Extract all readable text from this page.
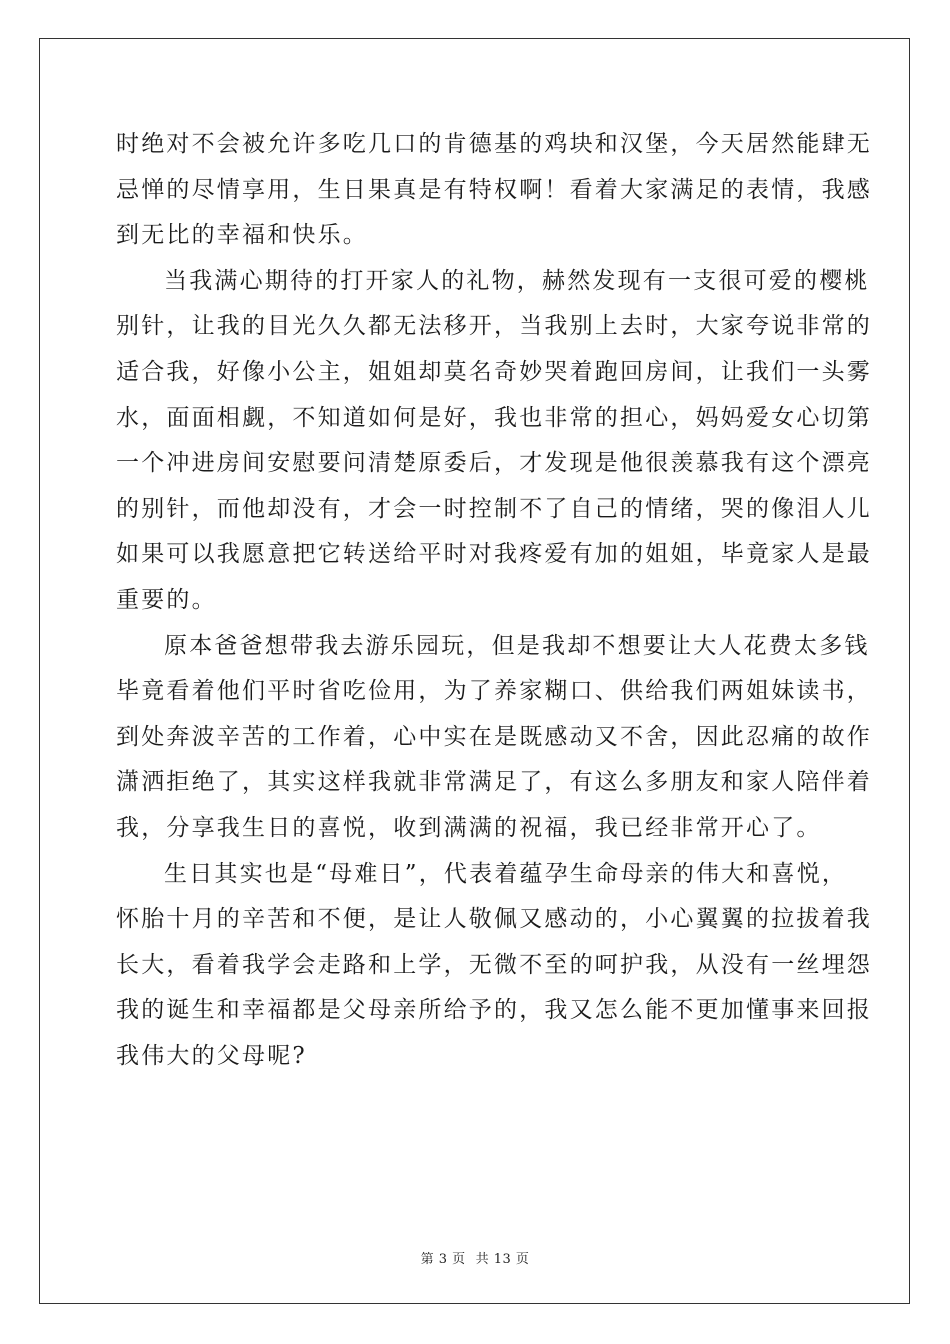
时绝对不会被允许多吃几口的肯德基的鸡块和汉堡，今天居然能肆无
忌惮的尽情享用，生日果真是有特权啊！看着大家满足的表情，我感
到无比的幸福和快乐。

当我满心期待的打开家人的礼物，赫然发现有一支很可爱的樱桃
别针，让我的目光久久都无法移开，当我别上去时，大家夸说非常的
适合我，好像小公主，姐姐却莫名奇妙哭着跑回房间，让我们一头雾
水，面面相觑，不知道如何是好，我也非常的担心，妈妈爱女心切第
一个冲进房间安慰要问清楚原委后，才发现是他很羡慕我有这个漂亮
的别针，而他却没有，才会一时控制不了自己的情绪，哭的像泪人儿
如果可以我愿意把它转送给平时对我疼爱有加的姐姐，毕竟家人是最
重要的。

原本爸爸想带我去游乐园玩，但是我却不想要让大人花费太多钱
毕竟看着他们平时省吃俭用，为了养家糊口、供给我们两姐妹读书，
到处奔波辛苦的工作着，心中实在是既感动又不舍，因此忍痛的故作
潇洒拒绝了，其实这样我就非常满足了，有这么多朋友和家人陪伴着
我，分享我生日的喜悦，收到满满的祝福，我已经非常开心了。

生日其实也是“母难日”，代表着蕴孕生命母亲的伟大和喜悦，
怀胎十月的辛苦和不便，是让人敬佩又感动的，小心翼翼的拉拔着我
长大，看着我学会走路和上学，无微不至的呵护我，从没有一丝埋怨
我的诞生和幸福都是父母亲所给予的，我又怎么能不更加懂事来回报
我伟大的父母呢?

第 3 页 共 13 页
